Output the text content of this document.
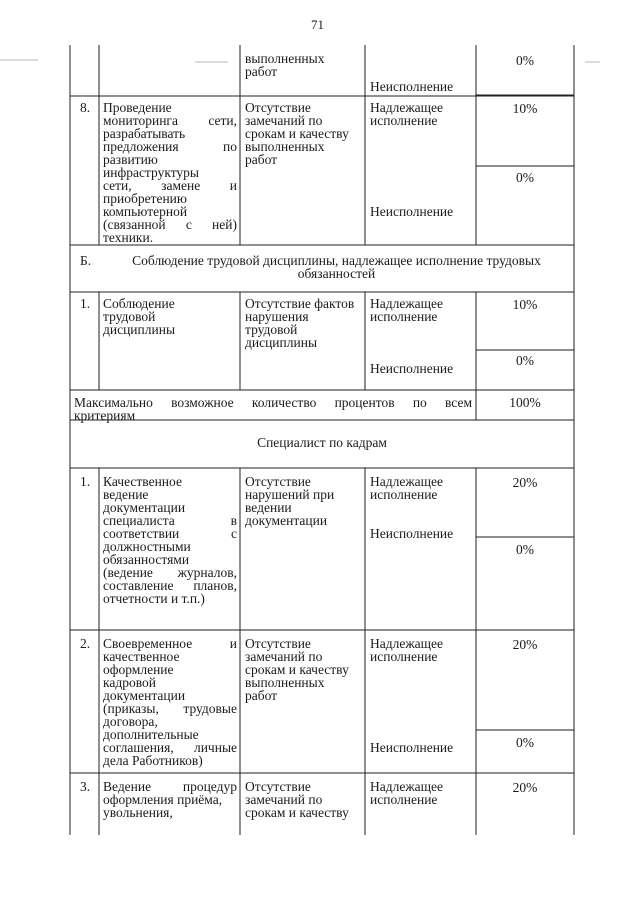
71
выполненных
работ
Неисполнение
0%
8. Проведение
мониторинга сети,
разрабатывать
предложения по
развитию
инфраструктуры
сети, замене и
приобретению
компьютерной
(связанной с ней)
техники.
Отсутствие
замечаний по
срокам и качеству
выполненных
работ
Надлежащее
исполнение
Неисполнение
10%
0%
Б.	Соблюдение трудовой дисциплины, надлежащее исполнение трудовых
обязанностей
1. Соблюдение
трудовой
дисциплины
Отсутствие фактов
нарушения
трудовой
дисциплины
Надлежащее
исполнение
Неисполнение
10%
0%
Максимально возможное количество процентов по всем
критериям
100%
Специалист по кадрам
1. Качественное
ведение
документации
специалиста в
соответствии с
должностными
обязанностями
(ведение журналов,
составление планов,
отчетности и т.п.)
Отсутствие
нарушений при
ведении
документации
Надлежащее
исполнение
Неисполнение
20%
0%
2. Своевременное и
качественное
оформление
кадровой
документации
(приказы, трудовые
договора,
дополнительные
соглашения, личные
дела Работников)
Отсутствие
замечаний по
срокам и качеству
выполненных
работ
Надлежащее
исполнение
Неисполнение
20%
0%
3. Ведение процедур
оформления приёма,
увольнения,
Отсутствие
замечаний по
срокам и качеству
Надлежащее
исполнение
20%
